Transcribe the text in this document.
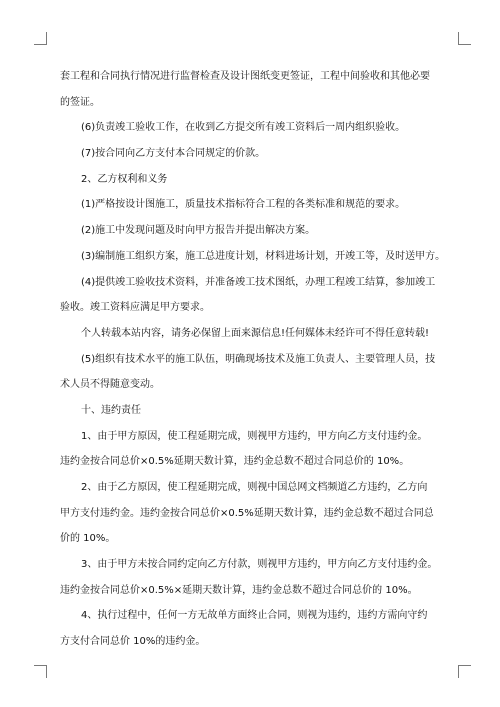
套工程和合同执行情况进行监督检查及设计图纸变更签证，工程中间验收和其他必要
的签证。
(6)负责竣工验收工作，在收到乙方提交所有竣工资料后一周内组织验收。
(7)按合同向乙方支付本合同规定的价款。
2、乙方权利和义务
(1)严格按设计图施工，质量技术指标符合工程的各类标准和规范的要求。
(2)施工中发现问题及时向甲方报告并提出解决方案。
(3)编制施工组织方案，施工总进度计划，材料进场计划，开竣工等，及时送甲方。
(4)提供竣工验收技术资料，并准备竣工技术图纸，办理工程竣工结算，参加竣工
验收。竣工资料应满足甲方要求。
个人转载本站内容，请务必保留上面来源信息!任何媒体未经许可不得任意转载!
(5)组织有技术水平的施工队伍，明确现场技术及施工负责人、主要管理人员，技
术人员不得随意变动。
十、违约责任
1、由于甲方原因，使工程延期完成，则视甲方违约，甲方向乙方支付违约金。
违约金按合同总价×0.5%延期天数计算，违约金总数不超过合同总价的 10%。
2、由于乙方原因，使工程延期完成，则视中国总网文档频道乙方违约，乙方向
甲方支付违约金。违约金按合同总价×0.5%延期天数计算，违约金总数不超过合同总
价的 10%。
3、由于甲方未按合同约定向乙方付款，则视甲方违约，甲方向乙方支付违约金。
违约金按合同总价×0.5%×延期天数计算，违约金总数不超过合同总价的 10%。
4、执行过程中，任何一方无故单方面终止合同，则视为违约，违约方需向守约
方支付合同总价 10%的违约金。
